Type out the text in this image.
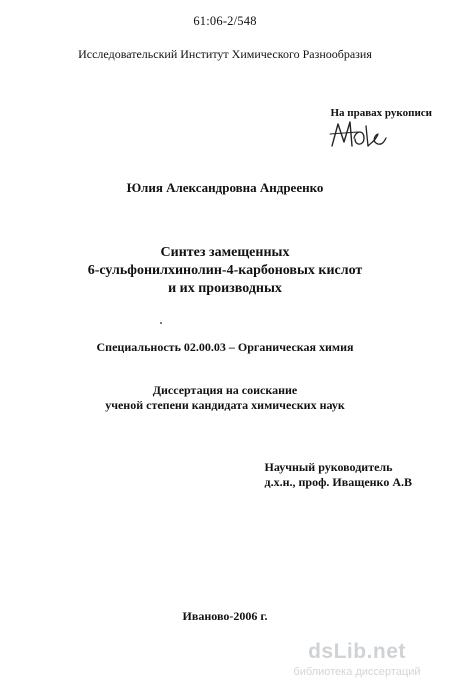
61:06-2/548
Исследовательский Институт Химического Разнообразия
На правах рукописи
Юлия Александровна Андреенко
Синтез замещенных
6-сульфонилхинолин-4-карбоновых кислот
и их производных
Специальность 02.00.03 – Органическая химия
Диссертация на соискание
ученой степени кандидата химических наук
Научный руководитель
д.х.н., проф. Иващенко А.В
Иваново-2006 г.
dsLib.net
библиотека диссертаций
